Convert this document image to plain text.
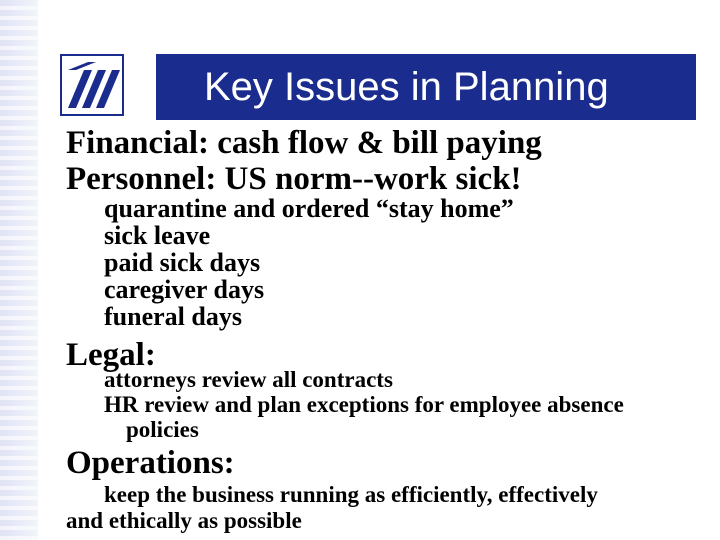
Key Issues in Planning
Financial: cash flow & bill paying
Personnel: US norm--work sick!
quarantine and ordered “stay home”
sick leave
paid sick days
caregiver days
funeral days
Legal:
attorneys review all contracts
HR review and plan exceptions for employee absence
policies
Operations:
keep the business running as efficiently, effectively
and ethically as possible
